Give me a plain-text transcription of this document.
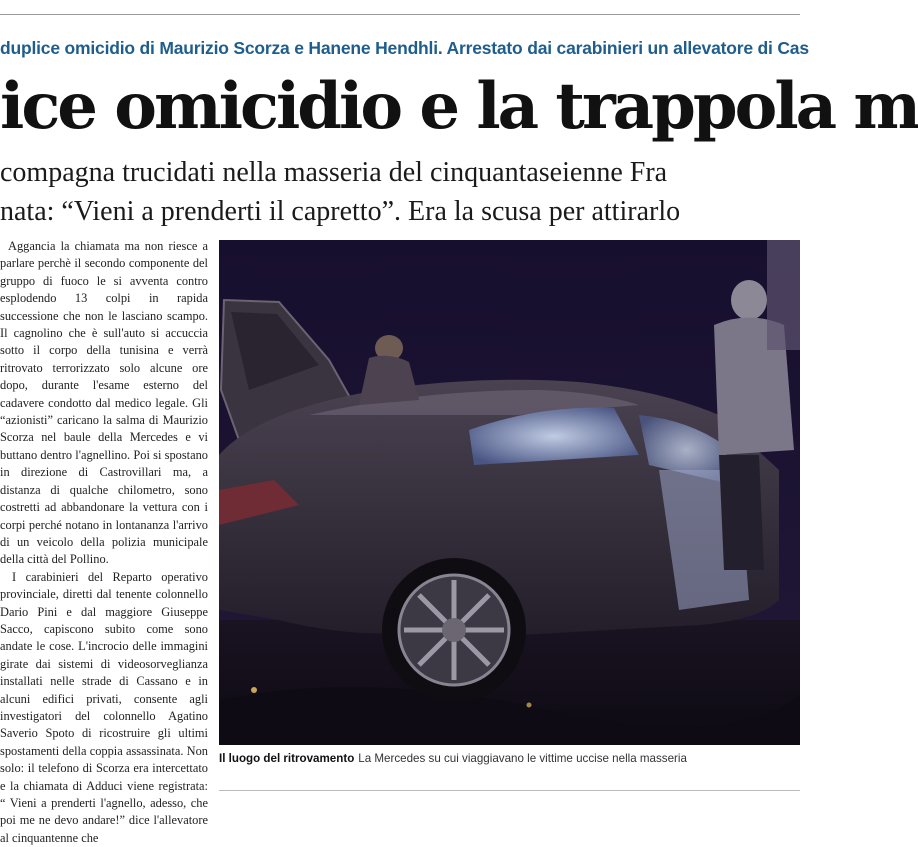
duplice omicidio di Maurizio Scorza e Hanene Hendhli. Arrestato dai carabinieri un allevatore di Cas
ice omicidio e la trappola m
compagna trucidati nella masseria del cinquantaseienne Fra
nata: “Vieni a prenderti il capretto”. Era la scusa per attirarlo

Aggancia la chiamata ma non riesce a parlare perchè il secondo componente del gruppo di fuoco le si avventa contro esplodendo 13 colpi in rapida successione che non le lasciano scampo. Il cagnolino che è sull'auto si accuccia sotto il corpo della tunisina e verrà ritrovato terrorizzato solo alcune ore dopo, durante l'esame esterno del cadavere condotto dal medico legale. Gli “azionisti” caricano la salma di Maurizio Scorza nel baule della Mercedes e vi buttano dentro l'agnellino. Poi si spostano in direzione di Castrovillari ma, a distanza di qualche chilometro, sono costretti ad abbandonare la vettura con i corpi perché notano in lontananza l'arrivo di un veicolo della polizia municipale della città del Pollino.

I carabinieri del Reparto operativo provinciale, diretti dal tenente colonnello Dario Pini e dal maggiore Giuseppe Sacco, capiscono subito come sono andate le cose. L'incrocio delle immagini girate dai sistemi di videosorveglianza installati nelle strade di Cassano e in alcuni edifici privati, consente agli investigatori del colonnello Agatino Saverio Spoto di ricostruire gli ultimi spostamenti della coppia assassinata. Non solo: il telefono di Scorza era intercettato e la chiamata di Adduci viene registrata: “ Vieni a prenderti l'agnello, adesso, che poi me ne devo andare!” dice l'allevatore al cinquantenne che

Il luogo del ritrovamento La Mercedes su cui viaggiavano le vittime uccise nella masseria
